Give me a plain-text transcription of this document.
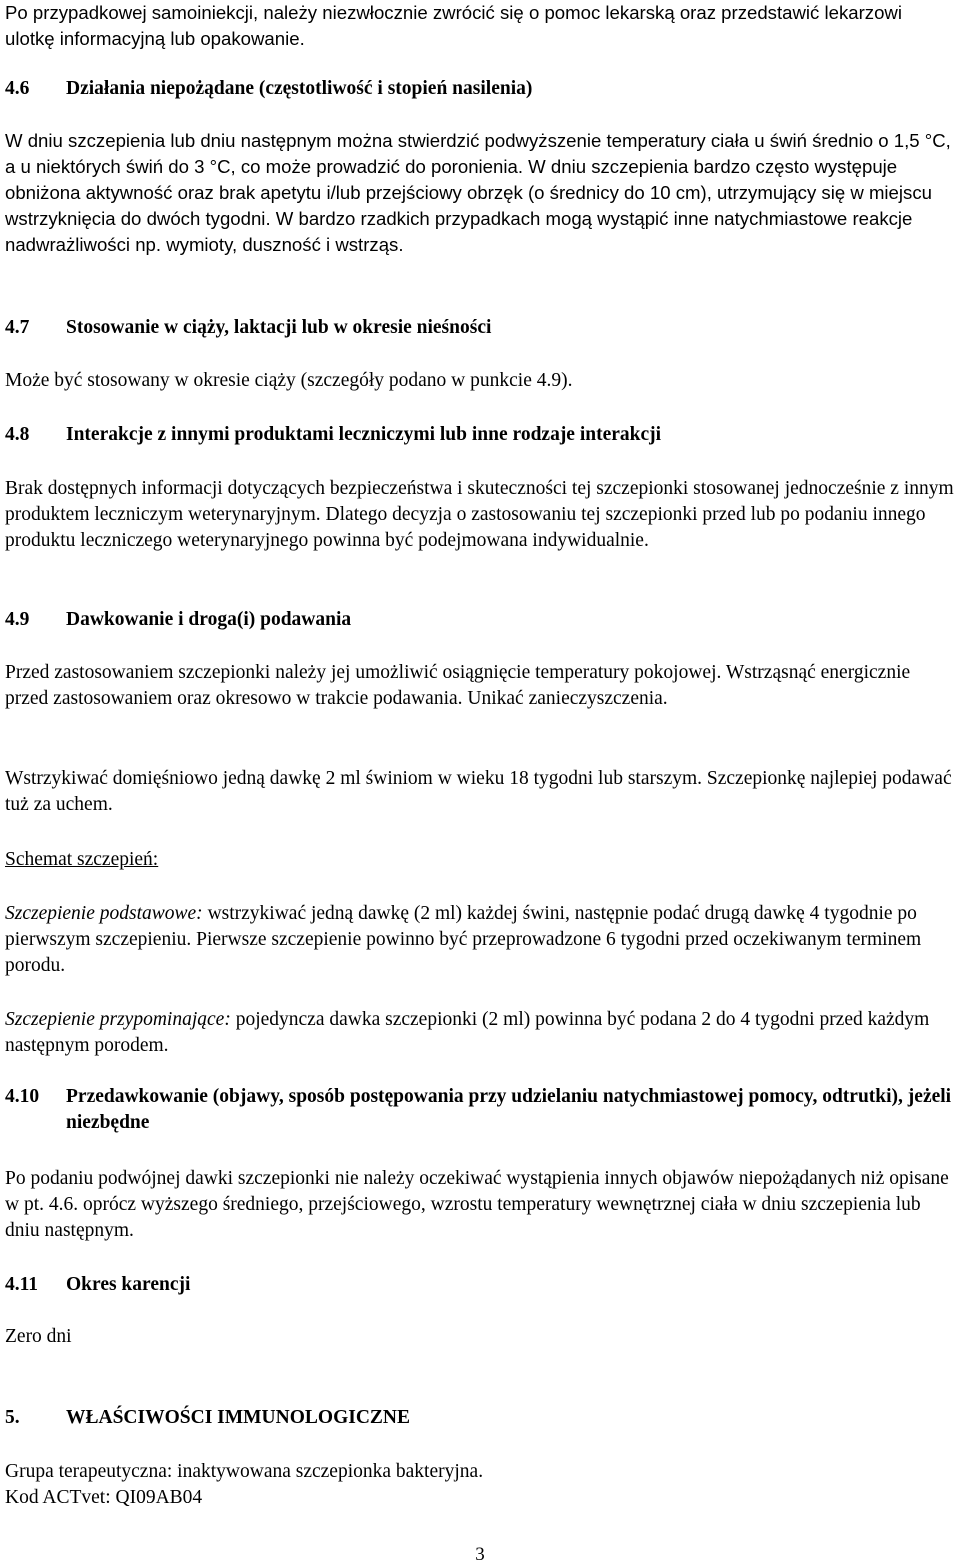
Po przypadkowej samoiniekcji, należy niezwłocznie zwrócić się o pomoc lekarską oraz przedstawić lekarzowi ulotkę informacyjną lub opakowanie.

4.6	Działania niepożądane (częstotliwość i stopień nasilenia)

W dniu szczepienia lub dniu następnym można stwierdzić podwyższenie temperatury ciała u świń średnio o 1,5 °C, a u niektórych świń do 3 °C, co może prowadzić do poronienia. W dniu szczepienia bardzo często występuje obniżona aktywność oraz brak apetytu i/lub przejściowy obrzęk (o średnicy do 10 cm), utrzymujący się w miejscu wstrzyknięcia do dwóch tygodni. W bardzo rzadkich przypadkach mogą wystąpić inne natychmiastowe reakcje nadwrażliwości np. wymioty, duszność i wstrząs.

4.7	Stosowanie w ciąży, laktacji lub w okresie nieśności

Może być stosowany w okresie ciąży (szczegóły podano w punkcie 4.9).

4.8	Interakcje z innymi produktami leczniczymi lub inne rodzaje interakcji

Brak dostępnych informacji dotyczących bezpieczeństwa i skuteczności tej szczepionki stosowanej jednocześnie z innym produktem leczniczym weterynaryjnym. Dlatego decyzja o zastosowaniu tej szczepionki przed lub po podaniu innego produktu leczniczego weterynaryjnego powinna być podejmowana indywidualnie.

4.9	Dawkowanie i droga(i) podawania

Przed zastosowaniem szczepionki należy jej umożliwić osiągnięcie temperatury pokojowej. Wstrząsnąć energicznie przed zastosowaniem oraz okresowo w trakcie podawania. Unikać zanieczyszczenia.

Wstrzykiwać domięśniowo jedną dawkę 2 ml świniom w wieku 18 tygodni lub starszym. Szczepionkę najlepiej podawać tuż za uchem.

Schemat szczepień:

Szczepienie podstawowe: wstrzykiwać jedną dawkę (2 ml) każdej świni, następnie podać drugą dawkę 4 tygodnie po pierwszym szczepieniu. Pierwsze szczepienie powinno być przeprowadzone 6 tygodni przed oczekiwanym terminem porodu.

Szczepienie przypominające: pojedyncza dawka szczepionki (2 ml) powinna być podana 2 do 4 tygodni przed każdym następnym porodem.

4.10	Przedawkowanie (objawy, sposób postępowania przy udzielaniu natychmiastowej pomocy, odtrutki), jeżeli niezbędne

Po podaniu podwójnej dawki szczepionki nie należy oczekiwać wystąpienia innych objawów niepożądanych niż opisane w pt. 4.6. oprócz wyższego średniego, przejściowego, wzrostu temperatury wewnętrznej ciała w dniu szczepienia lub dniu następnym.

4.11	Okres karencji

Zero dni

5.	WŁAŚCIWOŚCI IMMUNOLOGICZNE

Grupa terapeutyczna: inaktywowana szczepionka bakteryjna.

Kod ACTvet: QI09AB04

3
